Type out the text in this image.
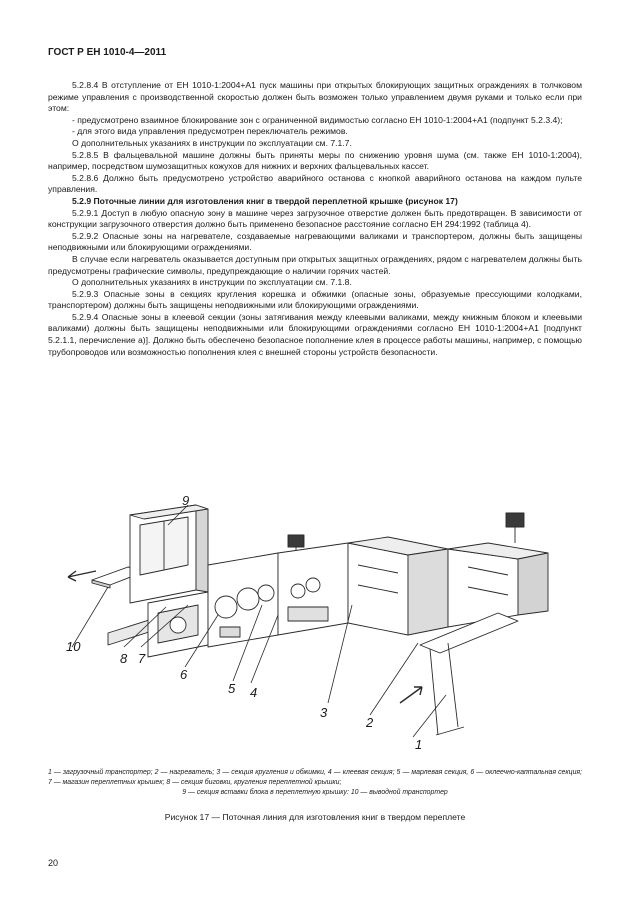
ГОСТ Р ЕН 1010-4—2011

5.2.8.4 В отступление от ЕН 1010-1:2004+А1 пуск машины при открытых блокирующих защитных ограждениях в толчковом режиме управления с производственной скоростью должен быть возможен только управлением двумя руками и только если при этом:

- предусмотрено взаимное блокирование зон с ограниченной видимостью согласно ЕН 1010-1:2004+А1 (подпункт 5.2.3.4);

- для этого вида управления предусмотрен переключатель режимов.

О дополнительных указаниях в инструкции по эксплуатации см. 7.1.7.

5.2.8.5 В фальцевальной машине должны быть приняты меры по снижению уровня шума (см. также ЕН 1010-1:2004), например, посредством шумозащитных кожухов для нижних и верхних фальцевальных кассет.

5.2.8.6 Должно быть предусмотрено устройство аварийного останова с кнопкой аварийного останова на каждом пульте управления.

5.2.9 Поточные линии для изготовления книг в твердой переплетной крышке (рисунок 17)

5.2.9.1 Доступ в любую опасную зону в машине через загрузочное отверстие должен быть предотвращен. В зависимости от конструкции загрузочного отверстия должно быть применено безопасное расстояние согласно ЕН 294:1992 (таблица 4).

5.2.9.2 Опасные зоны на нагревателе, создаваемые нагревающими валиками и транспортером, должны быть защищены неподвижными или блокирующими ограждениями.

В случае если нагреватель оказывается доступным при открытых защитных ограждениях, рядом с нагревателем должны быть предусмотрены графические символы, предупреждающие о наличии горячих частей.

О дополнительных указаниях в инструкции по эксплуатации см. 7.1.8.

5.2.9.3 Опасные зоны в секциях кругления корешка и обжимки (опасные зоны, образуемые прессующими колодками, транспортером) должны быть защищены неподвижными или блокирующими ограждениями.

5.2.9.4 Опасные зоны в клеевой секции (зоны затягивания между клеевыми валиками, между книжным блоком и клеевыми валиками) должны быть защищены неподвижными или блокирующими ограждениями согласно ЕН 1010-1:2004+А1 [подпункт 5.2.1.1, перечисление а)]. Должно быть обеспечено безопасное пополнение клея в процессе работы машины, например, с помощью трубопроводов или возможностью пополнения клея с внешней стороны устройств безопасности.

1
2
3
4
5
6
7
8
9
10
1 — загрузочный транспортер; 2 — нагреватель; 3 — секция кругления и обжимки, 4 — клеевая секция; 5 — марлевая секция, 6 — оклеечно-каптальная секция; 7 — магазин переплетных крышек; 8 — секция биговки, кругления переплетной крышки;
9 — секция вставки блока в переплетную крышку: 10 — выводной транспортер
Рисунок 17 — Поточная линия для изготовления книг в твердом переплете
20
